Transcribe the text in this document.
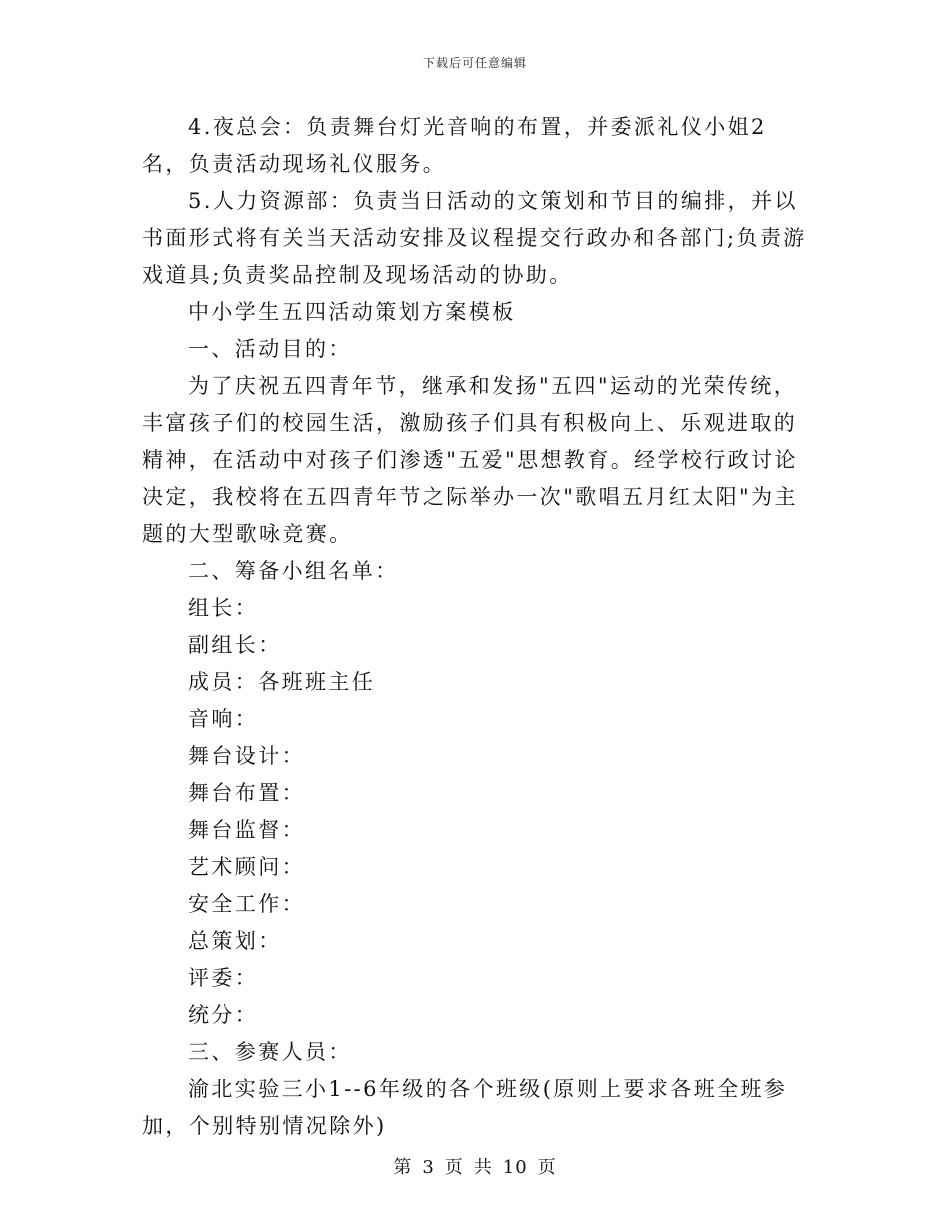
下载后可任意编辑

4.夜总会：负责舞台灯光音响的布置，并委派礼仪小姐2名，负责活动现场礼仪服务。

5.人力资源部：负责当日活动的文策划和节目的编排，并以书面形式将有关当天活动安排及议程提交行政办和各部门;负责游戏道具;负责奖品控制及现场活动的协助。

中小学生五四活动策划方案模板

一、活动目的：

为了庆祝五四青年节，继承和发扬"五四"运动的光荣传统，丰富孩子们的校园生活，激励孩子们具有积极向上、乐观进取的精神，在活动中对孩子们渗透"五爱"思想教育。经学校行政讨论决定，我校将在五四青年节之际举办一次"歌唱五月红太阳"为主题的大型歌咏竞赛。

二、筹备小组名单：

组长：

副组长：

成员：各班班主任

音响：

舞台设计：

舞台布置：

舞台监督：

艺术顾问：

安全工作：

总策划：

评委：

统分：

三、参赛人员：

渝北实验三小1--6年级的各个班级(原则上要求各班全班参加，个别特别情况除外)

第 3 页 共 10 页
